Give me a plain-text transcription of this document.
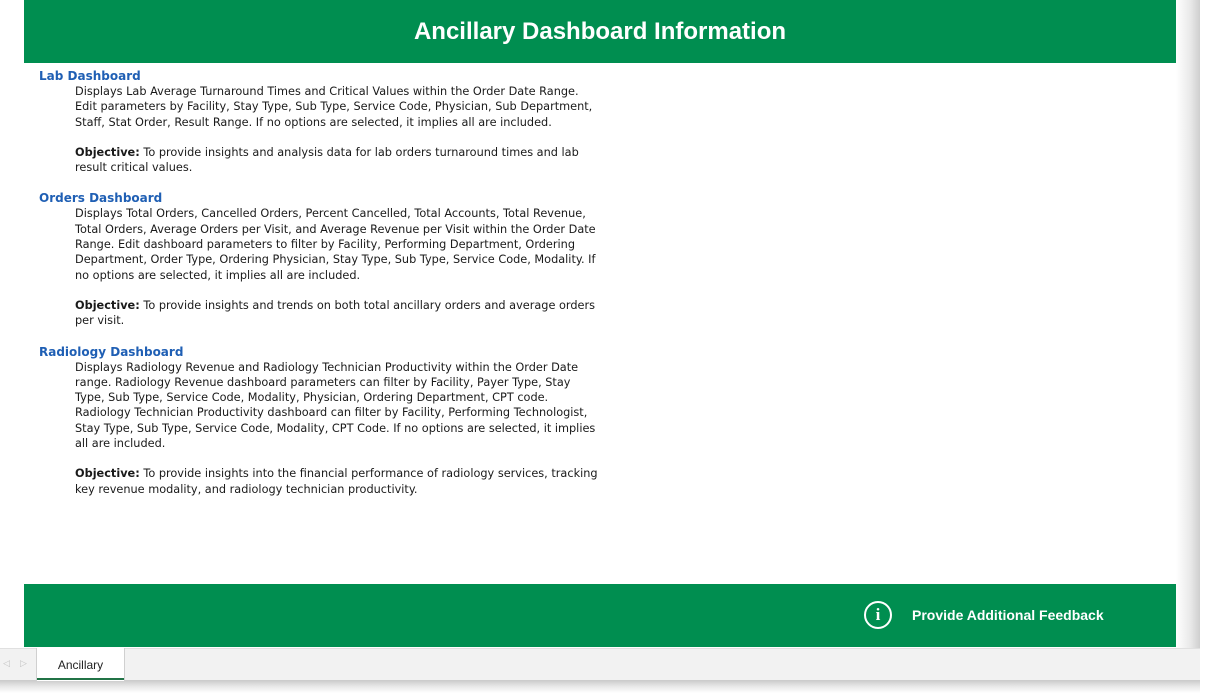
Ancillary Dashboard Information
Lab Dashboard

Displays Lab Average Turnaround Times and Critical Values within the Order Date Range. Edit parameters by Facility, Stay Type, Sub Type, Service Code, Physician, Sub Department, Staff, Stat Order, Result Range. If no options are selected, it implies all are included.

Objective: To provide insights and analysis data for lab orders turnaround times and lab result critical values.

Orders Dashboard

Displays Total Orders, Cancelled Orders, Percent Cancelled, Total Accounts, Total Revenue, Total Orders, Average Orders per Visit, and Average Revenue per Visit within the Order Date Range. Edit dashboard parameters to filter by Facility, Performing Department, Ordering Department, Order Type, Ordering Physician, Stay Type, Sub Type, Service Code, Modality. If no options are selected, it implies all are included.

Objective: To provide insights and trends on both total ancillary orders and average orders per visit.

Radiology Dashboard

Displays Radiology Revenue and Radiology Technician Productivity within the Order Date range. Radiology Revenue dashboard parameters can filter by Facility, Payer Type, Stay Type, Sub Type, Service Code, Modality, Physician, Ordering Department, CPT code. Radiology Technician Productivity dashboard can filter by Facility, Performing Technologist, Stay Type, Sub Type, Service Code, Modality, CPT Code. If no options are selected, it implies all are included.

Objective: To provide insights into the financial performance of radiology services, tracking key revenue modality, and radiology technician productivity.

i	Provide Additional Feedback
◁ ▷	Ancillary
